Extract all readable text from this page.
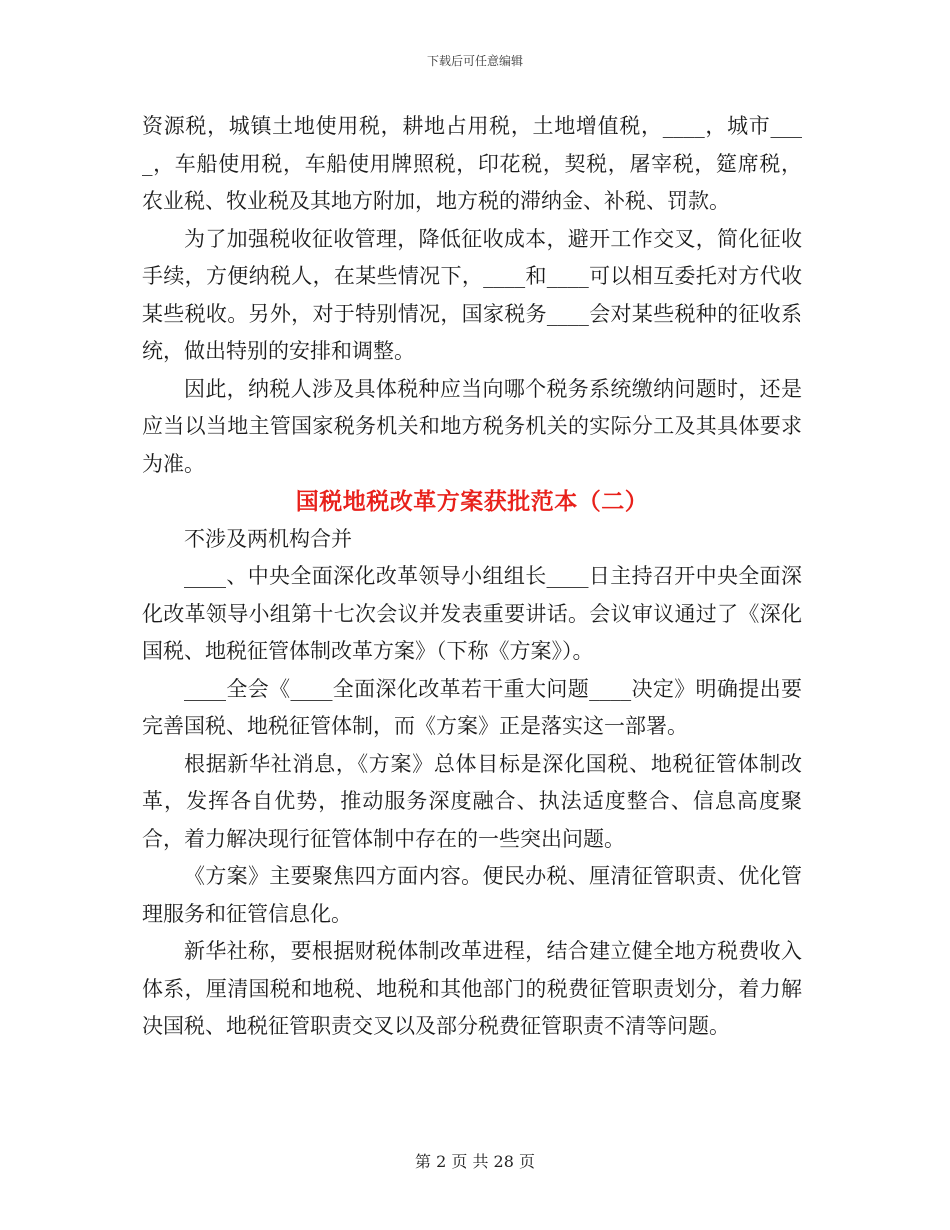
下载后可任意编辑

资源税，城镇土地使用税，耕地占用税，土地增值税，____，城市____，车船使用税，车船使用牌照税，印花税，契税，屠宰税，筵席税，农业税、牧业税及其地方附加，地方税的滞纳金、补税、罚款。

为了加强税收征收管理，降低征收成本，避开工作交叉，简化征收手续，方便纳税人，在某些情况下，____和____可以相互委托对方代收某些税收。另外，对于特别情况，国家税务____会对某些税种的征收系统，做出特别的安排和调整。

因此，纳税人涉及具体税种应当向哪个税务系统缴纳问题时，还是应当以当地主管国家税务机关和地方税务机关的实际分工及其具体要求为准。

国税地税改革方案获批范本（二）

不涉及两机构合并

____、中央全面深化改革领导小组组长____日主持召开中央全面深化改革领导小组第十七次会议并发表重要讲话。会议审议通过了《深化国税、地税征管体制改革方案》（下称《方案》）。

____全会《____全面深化改革若干重大问题____决定》明确提出要完善国税、地税征管体制，而《方案》正是落实这一部署。

根据新华社消息，《方案》总体目标是深化国税、地税征管体制改革，发挥各自优势，推动服务深度融合、执法适度整合、信息高度聚合，着力解决现行征管体制中存在的一些突出问题。

《方案》主要聚焦四方面内容。便民办税、厘清征管职责、优化管理服务和征管信息化。

新华社称，要根据财税体制改革进程，结合建立健全地方税费收入体系，厘清国税和地税、地税和其他部门的税费征管职责划分，着力解决国税、地税征管职责交叉以及部分税费征管职责不清等问题。

第 2 页 共 28 页
